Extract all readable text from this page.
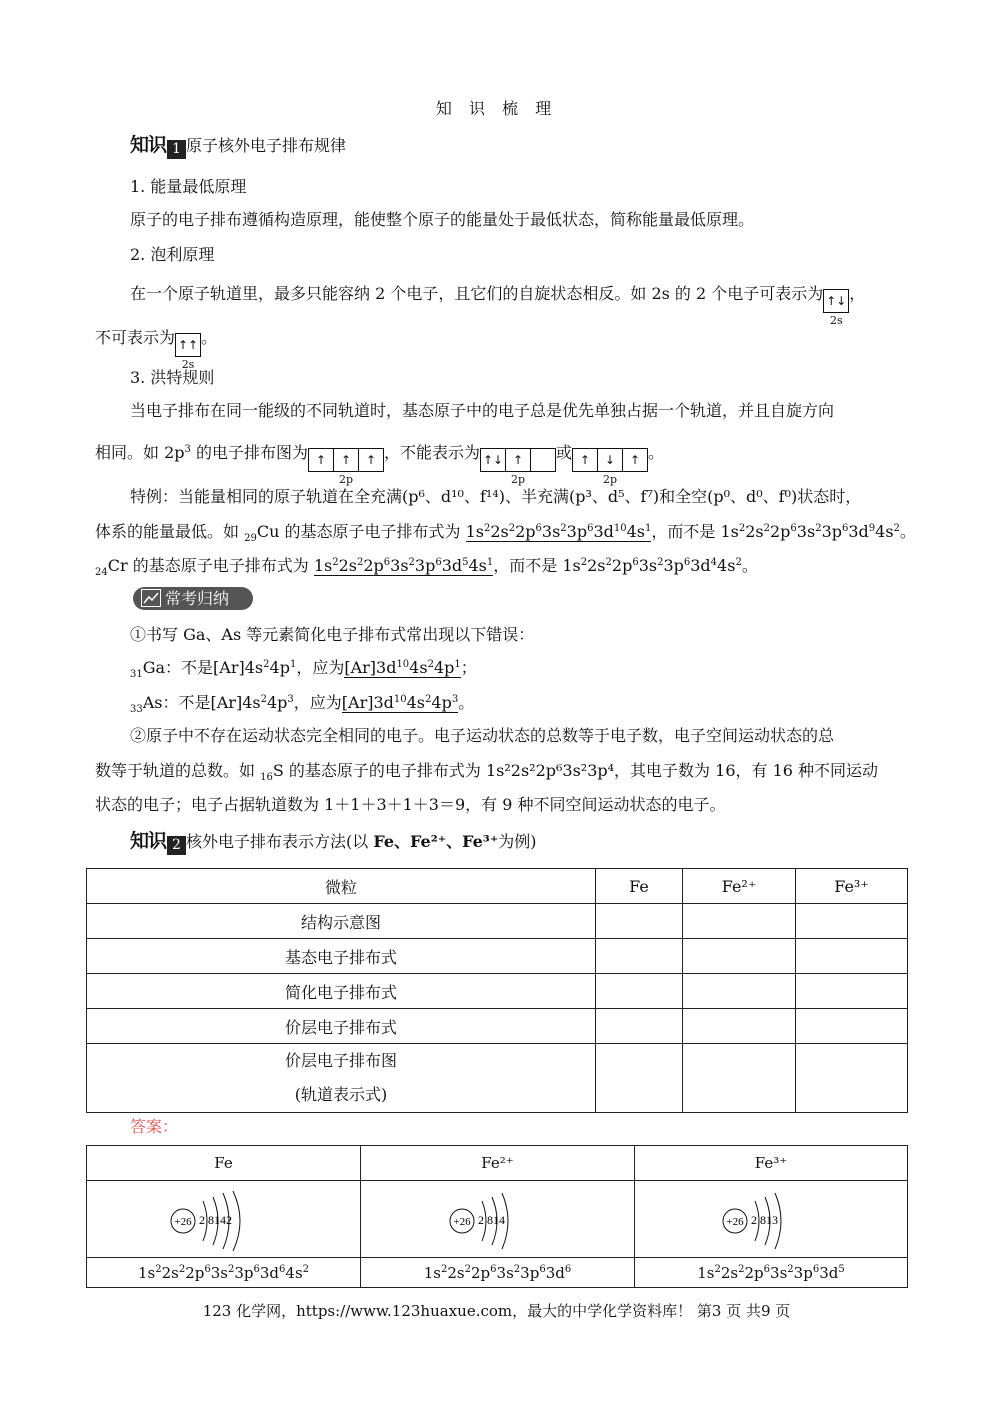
知 识 梳 理
知识 1 原子核外电子排布规律
1. 能量最低原理
原子的电子排布遵循构造原理，能使整个原子的能量处于最低状态，简称能量最低原理。
2. 泡利原理
在一个原子轨道里，最多只能容纳 2 个电子，且它们的自旋状态相反。如 2s 的 2 个电子可表示为 ↑↓
2s
，
不可表示为 ↑↑
2s
。
3. 洪特规则
当电子排布在同一能级的不同轨道时，基态原子中的电子总是优先单独占据一个轨道，并且自旋方向
相同。如 $2p^3$ 的电子排布图为 ↑	↑	↑
2p
，不能表示为 ↑↓ ↑
2p
或 ↑	↓	↑
2p
。
特例：当能量相同的原子轨道在全充满(p⁶、d¹⁰、f¹⁴)、半充满(p³、d⁵、f⁷)和全空(p⁰、d⁰、f⁰)状态时，
体系的能量最低。如 $_{29}$Cu 的基态原子电子排布式为 $1s^22s^22p^63s^23p^63d^{10}4s^1$，而不是 $1s^22s^22p^63s^23p^63d^94s^2$。
$_{24}$Cr 的基态原子电子排布式为 $1s^22s^22p^63s^23p^63d^54s^1$，而不是 $1s^22s^22p^63s^23p^63d^44s^2$。
常考归纳
①书写 Ga、As 等元素简化电子排布式常出现以下错误：
$_{31}$Ga：不是$[Ar]4s^24p^1$，应为$[Ar]3d^{10}4s^24p^1$；
$_{33}$As：不是$[Ar]4s^24p^3$，应为$[Ar]3d^{10}4s^24p^3$。
②原子中不存在运动状态完全相同的电子。电子运动状态的总数等于电子数，电子空间运动状态的总
数等于轨道的总数。如 $_{16}$S 的基态原子的电子排布式为 1s²2s²2p⁶3s²3p⁴，其电子数为 16，有 16 种不同运动
状态的电子；电子占据轨道数为 1＋1＋3＋1＋3＝9，有 9 种不同空间运动状态的电子。
知识 2 核外电子排布表示方法(以 Fe、Fe²⁺、Fe³⁺为例)
微粒	Fe	Fe²⁺	Fe³⁺
结构示意图			
基态电子排布式			
简化电子排布式			
价层电子排布式			

价层电子排布图
(轨道表示式)			

答案：
Fe	Fe²⁺	Fe³⁺

+26 2 8142	+26 2 814	+26 2 813

$1s^22s^22p^63s^23p^63d^64s^2$	$1s^22s^22p^63s^23p^63d^6$	$1s^22s^22p^63s^23p^63d^5$
123 化学网，https://www.123huaxue.com，最大的中学化学资料库！ 第3 页 共9 页
